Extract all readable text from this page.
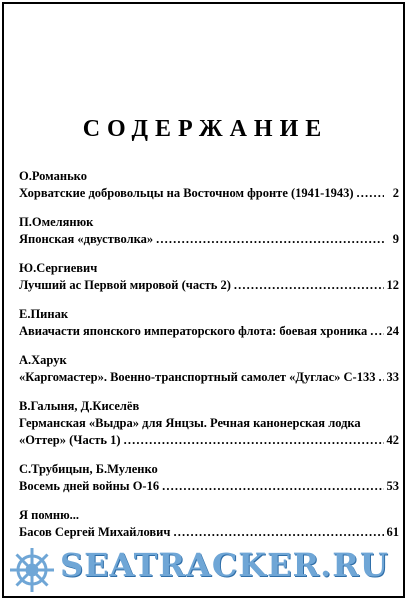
СОДЕРЖАНИЕ
О.Романько
Хорватские добровольцы на Восточном фронте (1941-1943) . . .	2
П.Омелянюк
Японская «двустволка» . . .	9
Ю.Сергиевич
Лучший ас Первой мировой (часть 2) . . .	12
Е.Пинак
Авиачасти японского императорского флота: боевая хроника . . . 24
А.Харук
«Каргомастер». Военно-транспортный самолет «Дуглас» С-133 . . . 33
В.Галыня, Д.Киселёв
Германская «Выдра» для Янцзы. Речная канонерская лодка
«Оттер» (Часть 1) . . .	42
С.Трубицын, Б.Муленко
Восемь дней войны О-16 . . .	53
Я помню...
Басов Сергей Михайлович . . .	61
SEATRACKER.RU
